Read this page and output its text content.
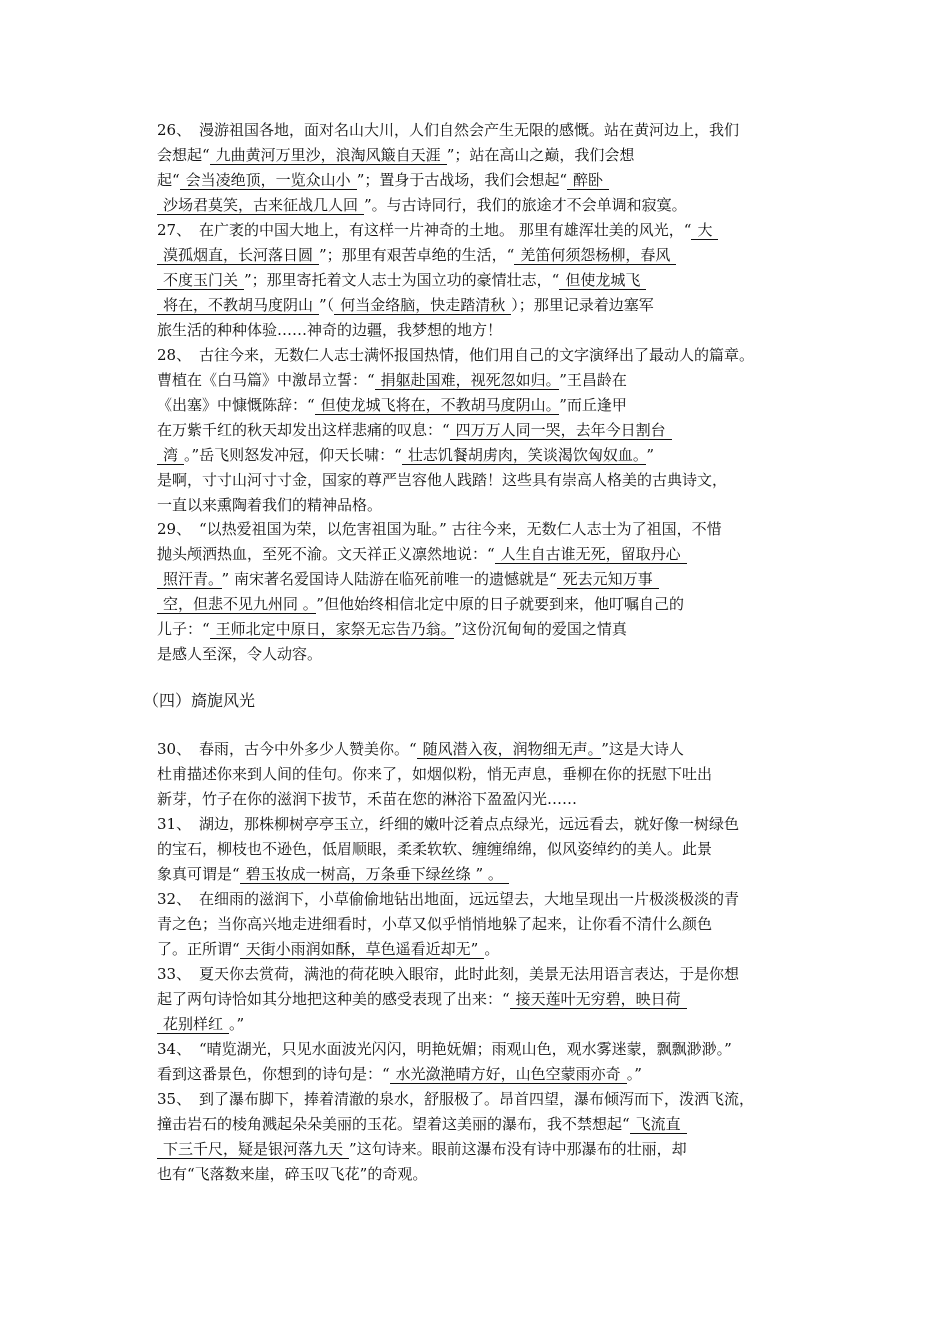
26、 漫游祖国各地，面对名山大川，人们自然会产生无限的感慨。站在黄河边上，我们
会想起“ 九曲黄河万里沙，浪淘风簸自天涯 ”；站在高山之巅，我们会想
起“ 会当凌绝顶，一览众山小 ”；置身于古战场，我们会想起“ 醉卧
沙场君莫笑，古来征战几人回 ”。与古诗同行，我们的旅途才不会单调和寂寞。
27、 在广袤的中国大地上，有这样一片神奇的土地。 那里有雄浑壮美的风光，“ 大
漠孤烟直，长河落日圆 ”；那里有艰苦卓绝的生活，“ 羌笛何须怨杨柳，春风
不度玉门关 ”；那里寄托着文人志士为国立功的豪情壮志，“ 但使龙城飞
将在，不教胡马度阴山 ”（ 何当金络脑，快走踏清秋 ）；那里记录着边塞军
旅生活的种种体验……神奇的边疆，我梦想的地方！
28、 古往今来，无数仁人志士满怀报国热情，他们用自己的文字演绎出了最动人的篇章。
曹植在《白马篇》中激昂立誓：“ 捐躯赴国难，视死忽如归。 ”王昌龄在
《出塞》中慷慨陈辞：“ 但使龙城飞将在，不教胡马度阴山。 ”而丘逢甲
在万紫千红的秋天却发出这样悲痛的叹息：“ 四万万人同一哭，去年今日割台
湾 。”岳飞则怒发冲冠，仰天长啸：“ 壮志饥餐胡虏肉，笑谈渴饮匈奴血。 ”
是啊，寸寸山河寸寸金，国家的尊严岂容他人践踏！这些具有崇高人格美的古典诗文，
一直以来熏陶着我们的精神品格。
29、 “以热爱祖国为荣，以危害祖国为耻。” 古往今来，无数仁人志士为了祖国，不惜
抛头颅洒热血，至死不渝。文天祥正义凛然地说：“ 人生自古谁无死，留取丹心
照汗青。 ” 南宋著名爱国诗人陆游在临死前唯一的遗憾就是“ 死去元知万事
空，但悲不见九州同 。 ”但他始终相信北定中原的日子就要到来，他叮嘱自己的
儿子：“ 王师北定中原日，家祭无忘告乃翁。 ”这份沉甸甸的爱国之情真
是感人至深，令人动容。
（四）旖旎风光
30、 春雨，古今中外多少人赞美你。“ 随风潜入夜，润物细无声。 ”这是大诗人
杜甫描述你来到人间的佳句。你来了，如烟似粉，悄无声息，垂柳在你的抚慰下吐出
新芽，竹子在你的滋润下拔节，禾苗在您的淋浴下盈盈闪光……
31、 湖边，那株柳树亭亭玉立，纤细的嫩叶泛着点点绿光，远远看去，就好像一树绿色
的宝石，柳枝也不逊色，低眉顺眼，柔柔软软、缠缠绵绵，似风姿绰约的美人。此景
象真可谓是“ 碧玉妆成一树高，万条垂下绿丝绦 ” 。
32、 在细雨的滋润下，小草偷偷地钻出地面，远远望去，大地呈现出一片极淡极淡的青
青之色；当你高兴地走进细看时，小草又似乎悄悄地躲了起来，让你看不清什么颜色
了。正所谓“ 天街小雨润如酥，草色遥看近却无” 。
33、 夏天你去赏荷，满池的荷花映入眼帘，此时此刻，美景无法用语言表达，于是你想
起了两句诗恰如其分地把这种美的感受表现了出来：“ 接天莲叶无穷碧，映日荷
花别样红 。”
34、 “晴览湖光，只见水面波光闪闪，明艳妩媚；雨观山色，观水雾迷蒙，飘飘渺渺。”
看到这番景色，你想到的诗句是：“ 水光潋滟晴方好，山色空蒙雨亦奇 。”
35、 到了瀑布脚下，捧着清澈的泉水，舒服极了。昂首四望，瀑布倾泻而下，泼洒飞流，
撞击岩石的棱角溅起朵朵美丽的玉花。望着这美丽的瀑布，我不禁想起“ 飞流直
下三千尺，疑是银河落九天 ”这句诗来。眼前这瀑布没有诗中那瀑布的壮丽，却
也有“飞落数来崖，碎玉叹飞花”的奇观。
